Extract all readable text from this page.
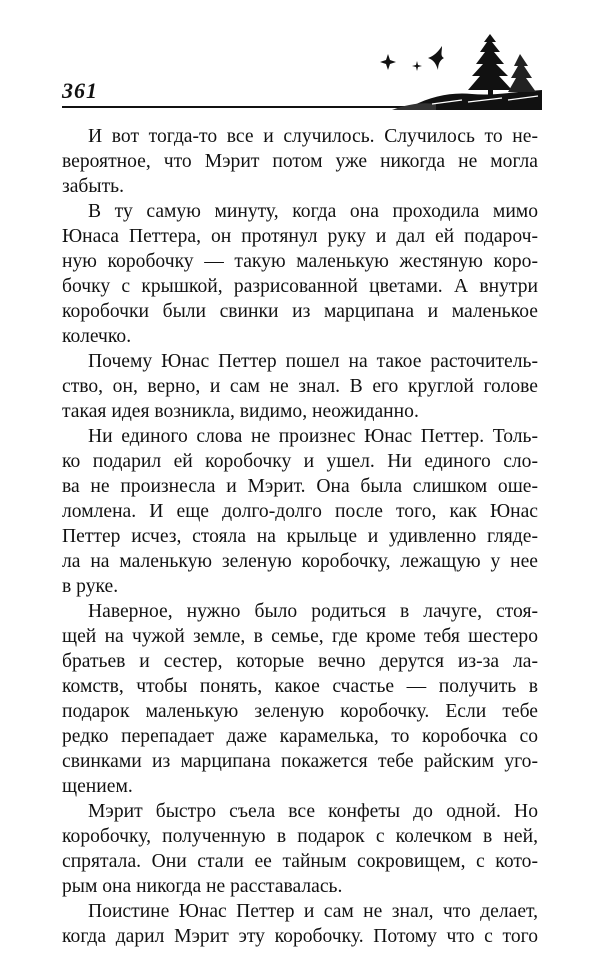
361

И вот тогда-то все и случилось. Случилось то не-
вероятное, что Мэрит потом уже никогда не могла
забыть.

В ту самую минуту, когда она проходила мимо
Юнаса Петтера, он протянул руку и дал ей подароч-
ную коробочку — такую маленькую жестяную коро-
бочку с крышкой, разрисованной цветами. А внутри
коробочки были свинки из марципана и маленькое
колечко.

Почему Юнас Петтер пошел на такое расточитель-
ство, он, верно, и сам не знал. В его круглой голове
такая идея возникла, видимо, неожиданно.

Ни единого слова не произнес Юнас Петтер. Толь-
ко подарил ей коробочку и ушел. Ни единого сло-
ва не произнесла и Мэрит. Она была слишком ошe-
ломлена. И еще долго-долго после того, как Юнас
Петтер исчез, стояла на крыльце и удивленно гляде-
ла на маленькую зеленую коробочку, лежащую у нее
в руке.

Наверное, нужно было родиться в лачуге, стоя-
щей на чужой земле, в семье, где кроме тебя шестеро
братьев и сестер, которые вечно дерутся из-за ла-
комств, чтобы понять, какое счастье — получить в
подарок маленькую зеленую коробочку. Если тебе
редко перепадает даже карамелька, то коробочка со
свинками из марципана покажется тебе райским уго-
щением.

Мэрит быстро съела все конфеты до одной. Но
коробочку, полученную в подарок с колечком в ней,
спрятала. Они стали ее тайным сокровищем, с кото-
рым она никогда не расставалась.

Поистине Юнас Петтер и сам не знал, что делает,
когда дарил Мэрит эту коробочку. Потому что с того
